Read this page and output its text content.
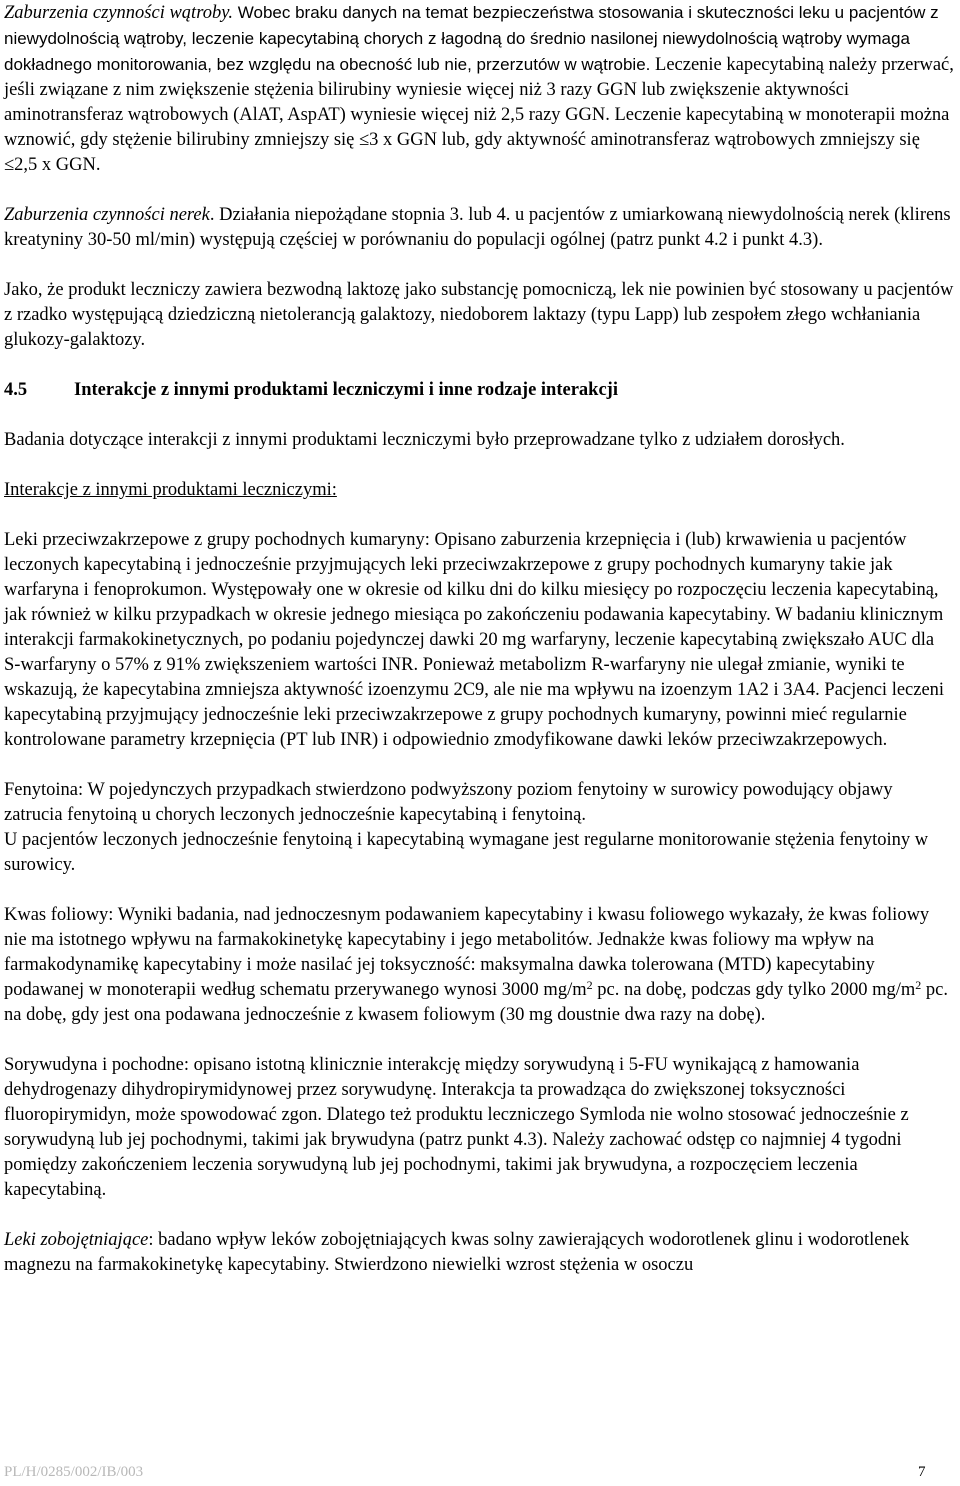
Zaburzenia czynności wątroby. Wobec braku danych na temat bezpieczeństwa stosowania i skuteczności leku u pacjentów z niewydolnością wątroby, leczenie kapecytabiną chorych z łagodną do średnio nasilonej niewydolnością wątroby wymaga dokładnego monitorowania, bez względu na obecność lub nie, przerzutów w wątrobie. Leczenie kapecytabiną należy przerwać, jeśli związane z nim zwiększenie stężenia bilirubiny wyniesie więcej niż 3 razy GGN lub zwiększenie aktywności aminotransferaz wątrobowych (AlAT, AspAT) wyniesie więcej niż 2,5 razy GGN. Leczenie kapecytabiną w monoterapii można wznowić, gdy stężenie bilirubiny zmniejszy się ≤3 x GGN lub, gdy aktywność aminotransferaz wątrobowych zmniejszy się ≤2,5 x GGN.

Zaburzenia czynności nerek. Działania niepożądane stopnia 3. lub 4. u pacjentów z umiarkowaną niewydolnością nerek (klirens kreatyniny 30-50 ml/min) występują częściej w porównaniu do populacji ogólnej (patrz punkt 4.2 i punkt 4.3).

Jako, że produkt leczniczy zawiera bezwodną laktozę jako substancję pomocniczą, lek nie powinien być stosowany u pacjentów z rzadko występującą dziedziczną nietolerancją galaktozy, niedoborem laktazy (typu Lapp) lub zespołem złego wchłaniania glukozy-galaktozy.

4.5	Interakcje z innymi produktami leczniczymi i inne rodzaje interakcji

Badania dotyczące interakcji z innymi produktami leczniczymi było przeprowadzane tylko z udziałem dorosłych.

Interakcje z innymi produktami leczniczymi:

Leki przeciwzakrzepowe z grupy pochodnych kumaryny: Opisano zaburzenia krzepnięcia i (lub) krwawienia u pacjentów leczonych kapecytabiną i jednocześnie przyjmujących leki przeciwzakrzepowe z grupy pochodnych kumaryny takie jak warfaryna i fenoprokumon. Występowały one w okresie od kilku dni do kilku miesięcy po rozpoczęciu leczenia kapecytabiną, jak również w kilku przypadkach w okresie jednego miesiąca po zakończeniu podawania kapecytabiny. W badaniu klinicznym interakcji farmakokinetycznych, po podaniu pojedynczej dawki 20 mg warfaryny, leczenie kapecytabiną zwiększało AUC dla S-warfaryny o 57% z 91% zwiększeniem wartości INR. Ponieważ metabolizm R-warfaryny nie ulegał zmianie, wyniki te wskazują, że kapecytabina zmniejsza aktywność izoenzymu 2C9, ale nie ma wpływu na izoenzym 1A2 i 3A4. Pacjenci leczeni kapecytabiną przyjmujący jednocześnie leki przeciwzakrzepowe z grupy pochodnych kumaryny, powinni mieć regularnie kontrolowane parametry krzepnięcia (PT lub INR) i odpowiednio zmodyfikowane dawki leków przeciwzakrzepowych.

Fenytoina: W pojedynczych przypadkach stwierdzono podwyższony poziom fenytoiny w surowicy powodujący objawy zatrucia fenytoiną u chorych leczonych jednocześnie kapecytabiną i fenytoiną.

U pacjentów leczonych jednocześnie fenytoiną i kapecytabiną wymagane jest regularne monitorowanie stężenia fenytoiny w surowicy.

Kwas foliowy: Wyniki badania, nad jednoczesnym podawaniem kapecytabiny i kwasu foliowego wykazały, że kwas foliowy nie ma istotnego wpływu na farmakokinetykę kapecytabiny i jego metabolitów. Jednakże kwas foliowy ma wpływ na farmakodynamikę kapecytabiny i może nasilać jej toksyczność: maksymalna dawka tolerowana (MTD) kapecytabiny podawanej w monoterapii według schematu przerywanego wynosi 3000 $mg/m^2$ pc. na dobę, podczas gdy tylko 2000 $mg/m^2$ pc. na dobę, gdy jest ona podawana jednocześnie z kwasem foliowym (30 mg doustnie dwa razy na dobę).

Sorywudyna i pochodne: opisano istotną klinicznie interakcję między sorywudyną i 5-FU wynikającą z hamowania dehydrogenazy dihydropirymidynowej przez sorywudynę. Interakcja ta prowadząca do zwiększonej toksyczności fluoropirymidyn, może spowodować zgon. Dlatego też produktu leczniczego Symloda nie wolno stosować jednocześnie z sorywudyną lub jej pochodnymi, takimi jak brywudyna (patrz punkt 4.3). Należy zachować odstęp co najmniej 4 tygodni pomiędzy zakończeniem leczenia sorywudyną lub jej pochodnymi, takimi jak brywudyna, a rozpoczęciem leczenia kapecytabiną.

Leki zobojętniające: badano wpływ leków zobojętniających kwas solny zawierających wodorotlenek glinu i wodorotlenek magnezu na farmakokinetykę kapecytabiny. Stwierdzono niewielki wzrost stężenia w osoczu

PL/H/0285/002/IB/003	7
